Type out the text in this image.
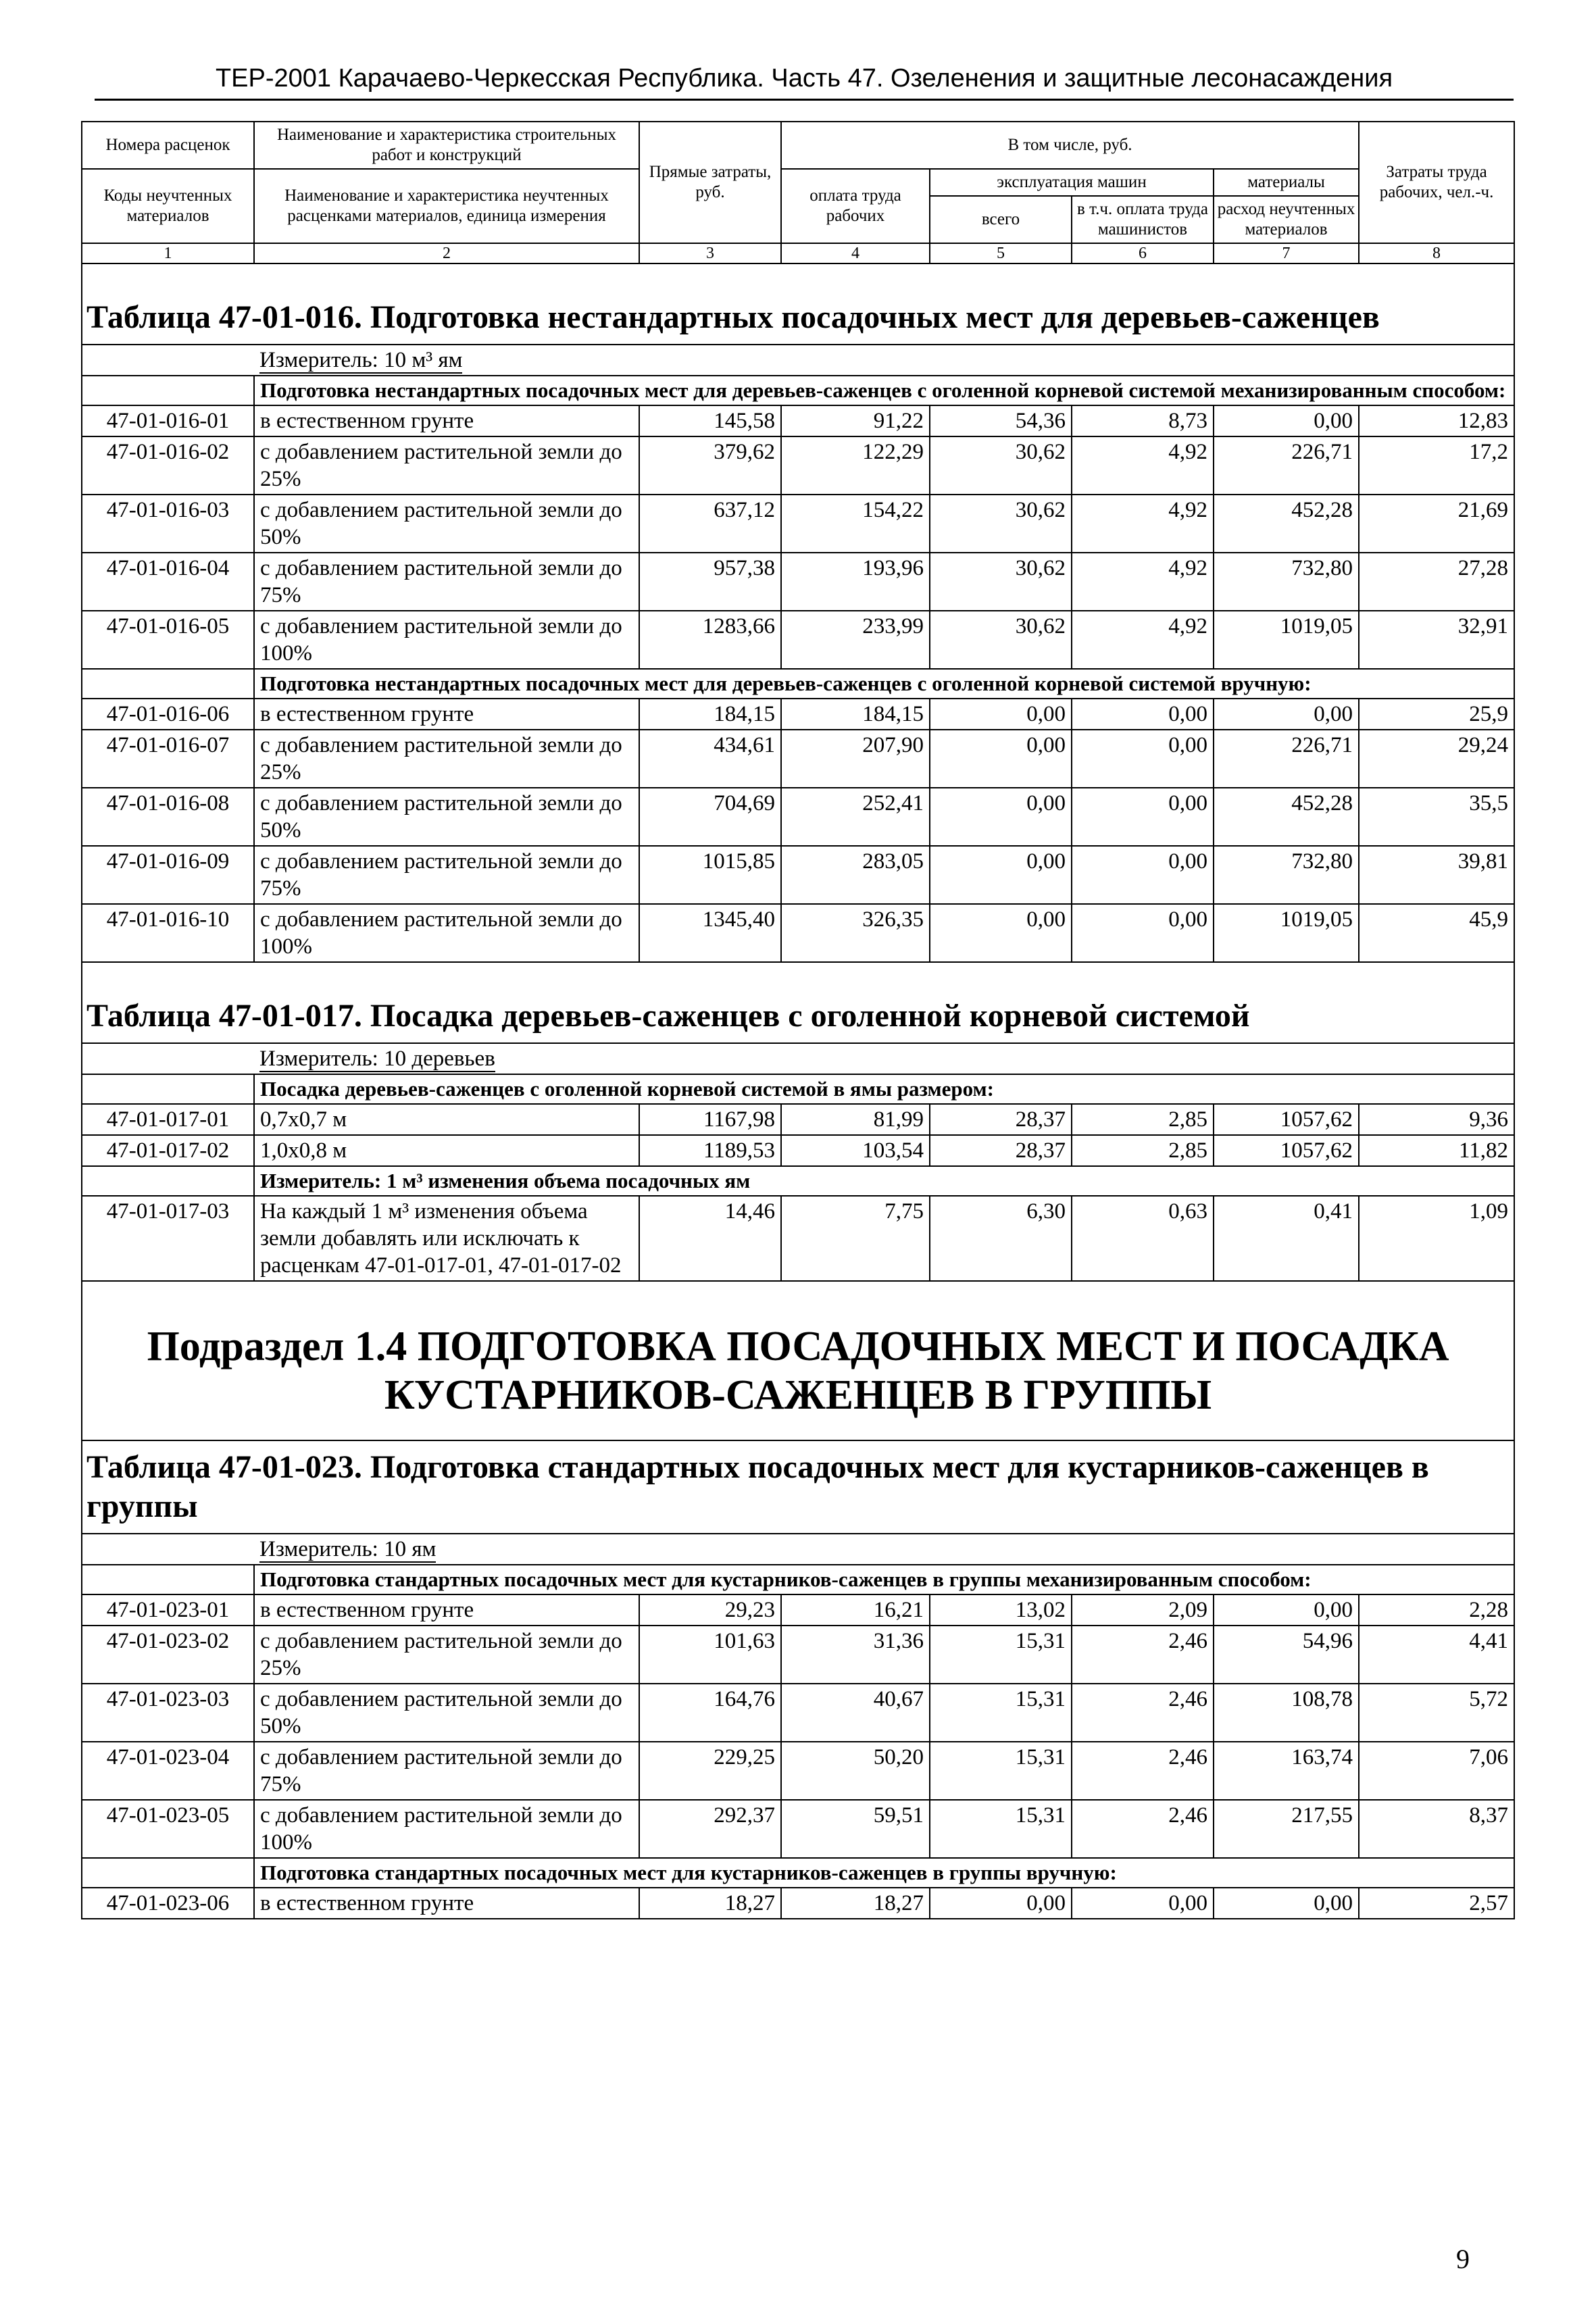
ТЕР-2001 Карачаево-Черкесская Республика. Часть 47. Озеленения и защитные лесонасаждения
Номера расценок	Наименование и характеристика строительных работ и конструкций	Прямые затраты, руб.	В том числе, руб.				Затраты труда рабочих, чел.-ч.
Коды неучтенных материалов	Наименование и характеристика неучтенных расценками материалов, единица измерения		оплата труда рабочих	эксплуатация машин		материалы	
				всего	в т.ч. оплата труда машинистов	расход неучтенных материалов	
1	2	3	4	5	6	7	8
Таблица 47-01-016. Подготовка нестандартных посадочных мест для деревьев-саженцев							
	Измеритель: 10 м³ ям						
	Подготовка нестандартных посадочных мест для деревьев-саженцев с оголенной корневой системой механизированным способом:						
47-01-016-01	в естественном грунте	145,58	91,22	54,36	8,73	0,00	12,83
47-01-016-02	с добавлением растительной земли до 25%	379,62	122,29	30,62	4,92	226,71	17,2
47-01-016-03	с добавлением растительной земли до 50%	637,12	154,22	30,62	4,92	452,28	21,69
47-01-016-04	с добавлением растительной земли до 75%	957,38	193,96	30,62	4,92	732,80	27,28
47-01-016-05	с добавлением растительной земли до 100%	1283,66	233,99	30,62	4,92	1019,05	32,91
	Подготовка нестандартных посадочных мест для деревьев-саженцев с оголенной корневой системой вручную:						
47-01-016-06	в естественном грунте	184,15	184,15	0,00	0,00	0,00	25,9
47-01-016-07	с добавлением растительной земли до 25%	434,61	207,90	0,00	0,00	226,71	29,24
47-01-016-08	с добавлением растительной земли до 50%	704,69	252,41	0,00	0,00	452,28	35,5
47-01-016-09	с добавлением растительной земли до 75%	1015,85	283,05	0,00	0,00	732,80	39,81
47-01-016-10	с добавлением растительной земли до 100%	1345,40	326,35	0,00	0,00	1019,05	45,9
Таблица 47-01-017. Посадка деревьев-саженцев с оголенной корневой системой							
	Измеритель: 10 деревьев						
	Посадка деревьев-саженцев с оголенной корневой системой в ямы размером:						
47-01-017-01	0,7х0,7 м	1167,98	81,99	28,37	2,85	1057,62	9,36
47-01-017-02	1,0х0,8 м	1189,53	103,54	28,37	2,85	1057,62	11,82
	Измеритель: 1 м³ изменения объема посадочных ям						
47-01-017-03	На каждый 1 м³ изменения объема земли добавлять или исключать к расценкам 47-01-017-01, 47-01-017-02	14,46	7,75	6,30	0,63	0,41	1,09
Подраздел 1.4 ПОДГОТОВКА ПОСАДОЧНЫХ МЕСТ И ПОСАДКА КУСТАРНИКОВ-САЖЕНЦЕВ В ГРУППЫ							
Таблица 47-01-023. Подготовка стандартных посадочных мест для кустарников-саженцев в группы							
	Измеритель: 10 ям						
	Подготовка стандартных посадочных мест для кустарников-саженцев в группы механизированным способом:						
47-01-023-01	в естественном грунте	29,23	16,21	13,02	2,09	0,00	2,28
47-01-023-02	с добавлением растительной земли до 25%	101,63	31,36	15,31	2,46	54,96	4,41
47-01-023-03	с добавлением растительной земли до 50%	164,76	40,67	15,31	2,46	108,78	5,72
47-01-023-04	с добавлением растительной земли до 75%	229,25	50,20	15,31	2,46	163,74	7,06
47-01-023-05	с добавлением растительной земли до 100%	292,37	59,51	15,31	2,46	217,55	8,37
	Подготовка стандартных посадочных мест для кустарников-саженцев в группы вручную:						
47-01-023-06	в естественном грунте	18,27	18,27	0,00	0,00	0,00	2,57
9
